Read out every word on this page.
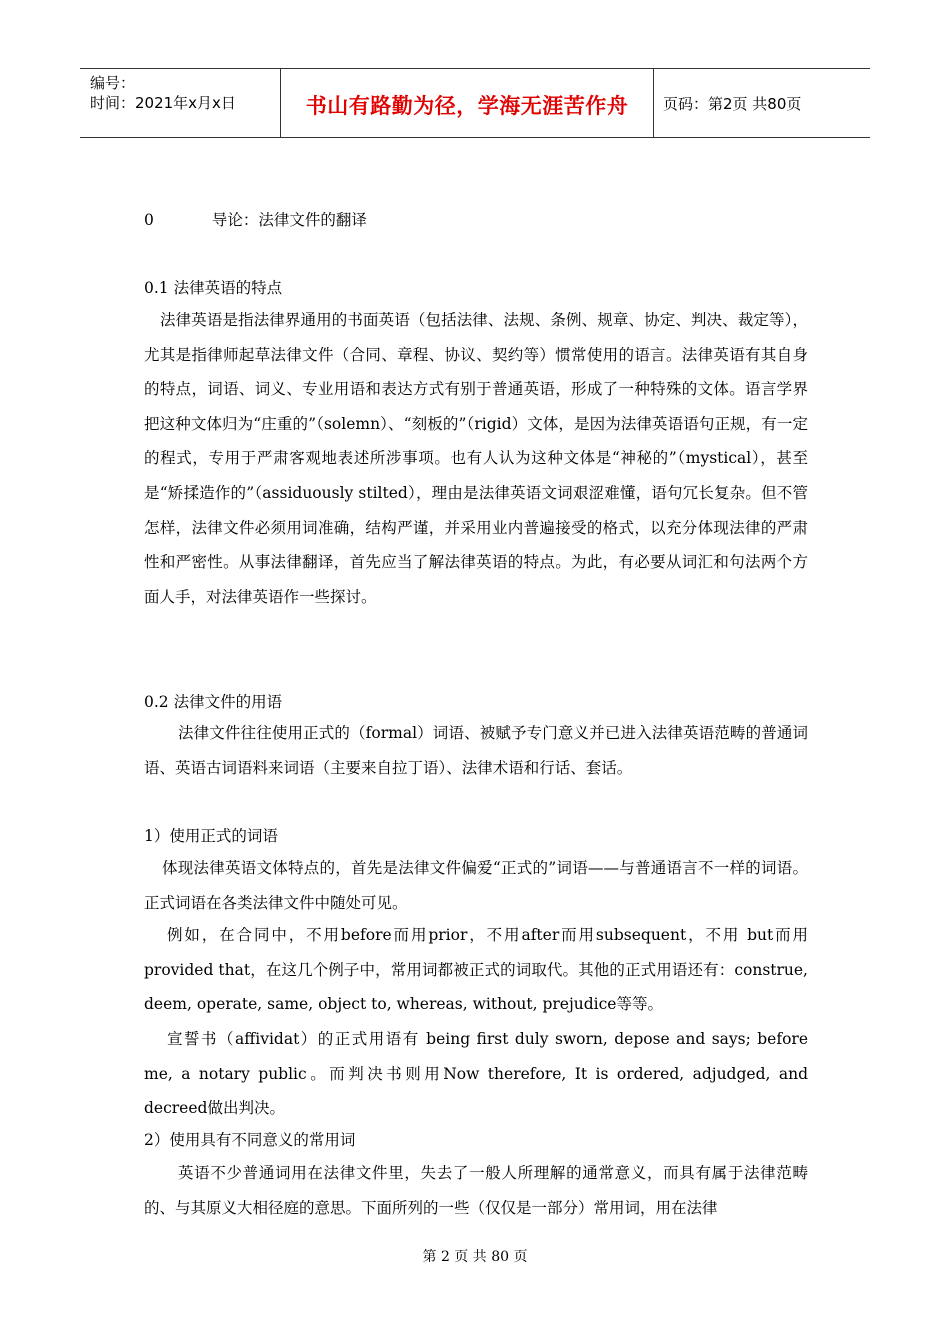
编号：
时间：2021年x月x日	书山有路勤为径，学海无涯苦作舟	页码：第2页 共80页
0	导论：法律文件的翻译
0.1 法律英语的特点
法律英语是指法律界通用的书面英语（包括法律、法规、条例、规章、协定、判决、裁定等），尤其是指律师起草法律文件（合同、章程、协议、契约等）惯常使用的语言。法律英语有其自身的特点，词语、词义、专业用语和表达方式有别于普通英语，形成了一种特殊的文体。语言学界把这种文体归为“庄重的”（solemn）、“刻板的”（rigid）文体，是因为法律英语语句正规，有一定的程式，专用于严肃客观地表述所涉事项。也有人认为这种文体是“神秘的”（mystical），甚至是“矫揉造作的”（assiduously stilted），理由是法律英语文词艰涩难懂，语句冗长复杂。但不管怎样，法律文件必须用词准确，结构严谨，并采用业内普遍接受的格式，以充分体现法律的严肃性和严密性。从事法律翻译，首先应当了解法律英语的特点。为此，有必要从词汇和句法两个方面人手，对法律英语作一些探讨。
0.2 法律文件的用语
法律文件往往使用正式的（formal）词语、被赋予专门意义并已进入法律英语范畴的普通词语、英语古词语料来词语（主要来自拉丁语）、法律术语和行话、套话。
1）使用正式的词语
体现法律英语文体特点的，首先是法律文件偏爱“正式的”词语——与普通语言不一样的词语。正式词语在各类法律文件中随处可见。
例如，在合同中，不用before而用prior，不用after而用subsequent，不用 but而用provided that，在这几个例子中，常用词都被正式的词取代。其他的正式用语还有：construe, deem, operate, same, object to, whereas, without, prejudice等等。
宣誓书（affividat）的正式用语有 being first duly sworn, depose and says; before me, a notary public。而判决书则用Now therefore, It is ordered, adjudged, and decreed做出判决。
2）使用具有不同意义的常用词
英语不少普通词用在法律文件里，失去了一般人所理解的通常意义，而具有属于法律范畴的、与其原义大相径庭的意思。下面所列的一些（仅仅是一部分）常用词，用在法律
第 2 页 共 80 页
